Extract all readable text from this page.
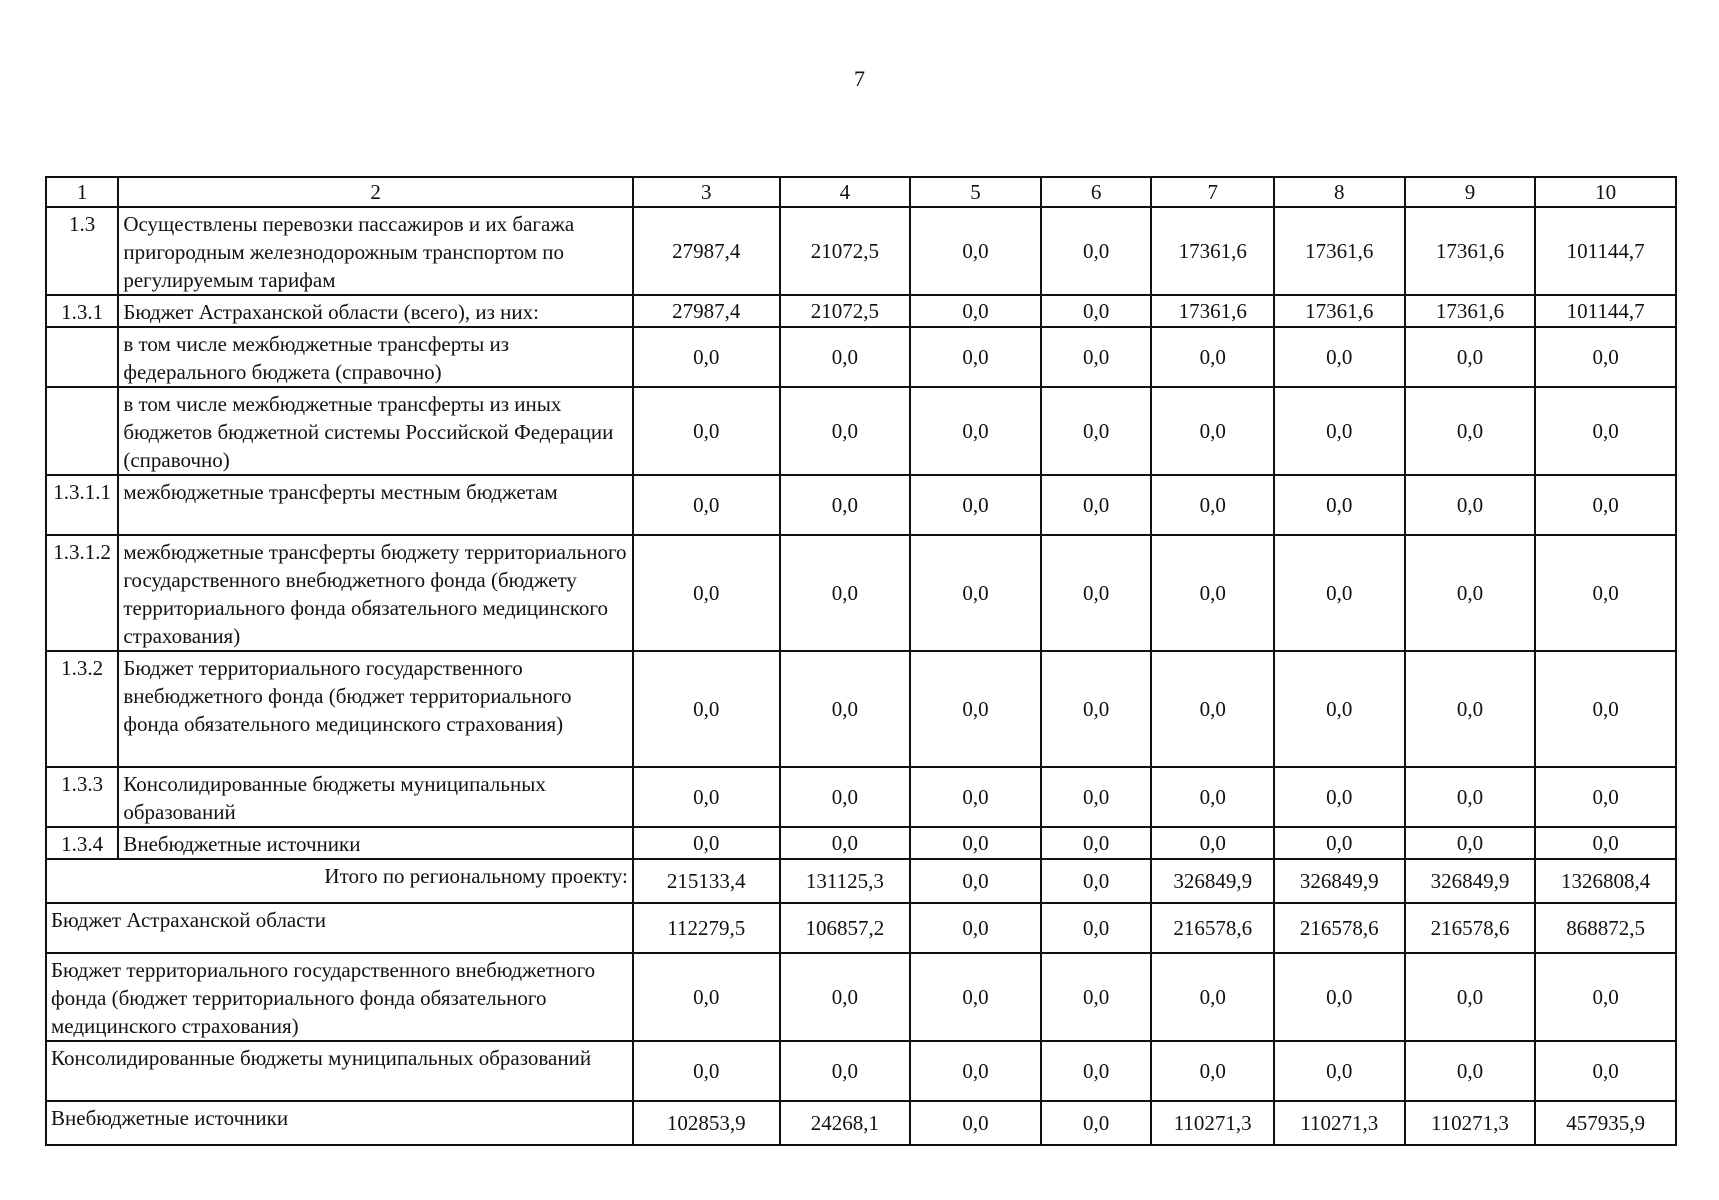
7
1	2	3	4	5	6	7	8	9	10
1.3	Осуществлены перевозки пассажиров и их багажа пригородным железнодорожным транспортом по регулируемым тарифам	27987,4	21072,5	0,0	0,0	17361,6	17361,6	17361,6	101144,7
1.3.1	Бюджет Астраханской области (всего), из них:	27987,4	21072,5	0,0	0,0	17361,6	17361,6	17361,6	101144,7
	в том числе межбюджетные трансферты из федерального бюджета (справочно)	0,0	0,0	0,0	0,0	0,0	0,0	0,0	0,0
	в том числе межбюджетные трансферты из иных бюджетов бюджетной системы Российской Федерации (справочно)	0,0	0,0	0,0	0,0	0,0	0,0	0,0	0,0
1.3.1.1	межбюджетные трансферты местным бюджетам	0,0	0,0	0,0	0,0	0,0	0,0	0,0	0,0
1.3.1.2	межбюджетные трансферты бюджету территориального государственного внебюджетного фонда (бюджету территориального фонда обязательного медицинского страхования)	0,0	0,0	0,0	0,0	0,0	0,0	0,0	0,0
1.3.2	Бюджет территориального государственного внебюджетного фонда (бюджет территориального фонда обязательного медицинского страхования)	0,0	0,0	0,0	0,0	0,0	0,0	0,0	0,0
1.3.3	Консолидированные бюджеты муниципальных образований	0,0	0,0	0,0	0,0	0,0	0,0	0,0	0,0
1.3.4	Внебюджетные источники	0,0	0,0	0,0	0,0	0,0	0,0	0,0	0,0
Итого по региональному проекту:		215133,4	131125,3	0,0	0,0	326849,9	326849,9	326849,9	1326808,4
Бюджет Астраханской области		112279,5	106857,2	0,0	0,0	216578,6	216578,6	216578,6	868872,5
Бюджет территориального государственного внебюджетного фонда (бюджет территориального фонда обязательного медицинского страхования)		0,0	0,0	0,0	0,0	0,0	0,0	0,0	0,0
Консолидированные бюджеты муниципальных образований		0,0	0,0	0,0	0,0	0,0	0,0	0,0	0,0
Внебюджетные источники		102853,9	24268,1	0,0	0,0	110271,3	110271,3	110271,3	457935,9
